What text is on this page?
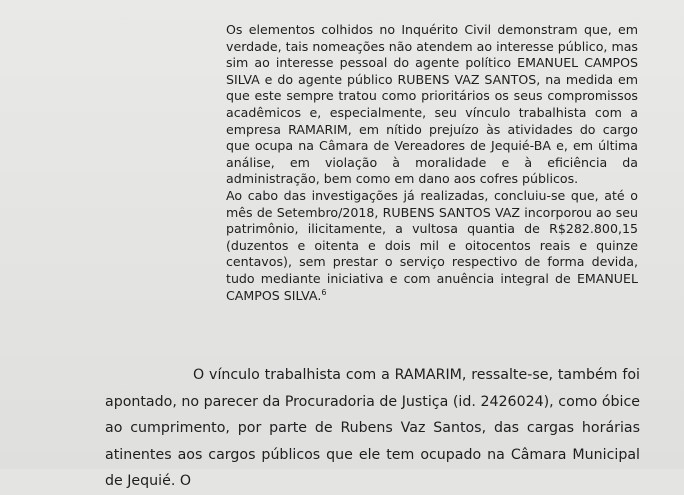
Os elementos colhidos no Inquérito Civil demonstram que, em verdade, tais nomeações não atendem ao interesse público, mas sim ao interesse pessoal do agente político EMANUEL CAMPOS SILVA e do agente público RUBENS VAZ SANTOS, na medida em que este sempre tratou como prioritários os seus compromissos acadêmicos e, especialmente, seu vínculo trabalhista com a empresa RAMARIM, em nítido prejuízo às atividades do cargo que ocupa na Câmara de Vereadores de Jequié-BA e, em última análise, em violação à moralidade e à eficiência da administração, bem como em dano aos cofres públicos.

Ao cabo das investigações já realizadas, concluiu-se que, até o mês de Setembro/2018, RUBENS SANTOS VAZ incorporou ao seu patrimônio, ilicitamente, a vultosa quantia de R$282.800,15 (duzentos e oitenta e dois mil e oitocentos reais e quinze centavos), sem prestar o serviço respectivo de forma devida, tudo mediante iniciativa e com anuência integral de EMANUEL CAMPOS SILVA.$^6$

O vínculo trabalhista com a RAMARIM, ressalte-se, também foi apontado, no parecer da Procuradoria de Justiça (id. 2426024), como óbice ao cumprimento, por parte de Rubens Vaz Santos, das cargas horárias atinentes aos cargos públicos que ele tem ocupado na Câmara Municipal de Jequié. O
